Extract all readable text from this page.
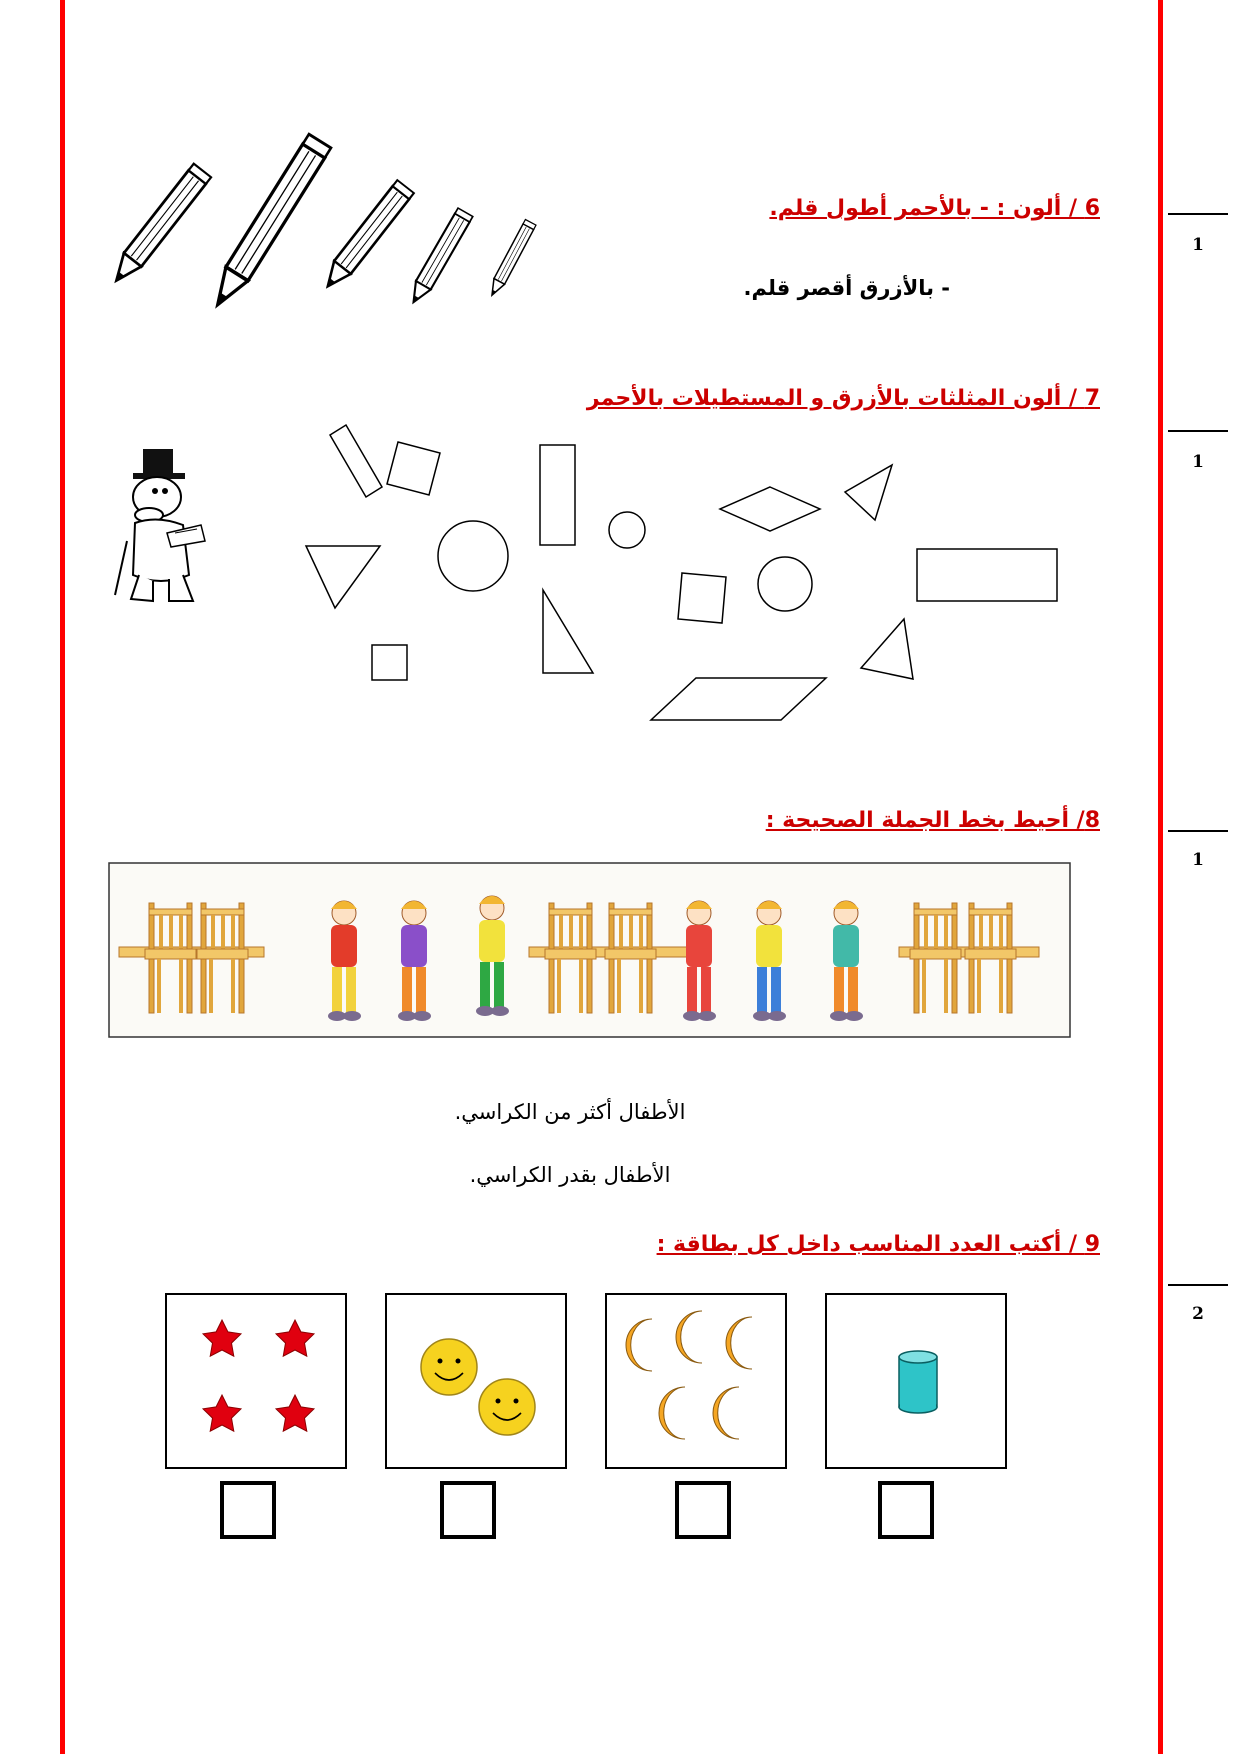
1
1
1
2
6 / ألون : - بالأحمر أطول قلم.
- بالأزرق أقصر قلم.
7 / ألون المثلثات بالأزرق و المستطيلات بالأحمر
8/ أحيط بخط الجملة الصحيحة :
الأطفال أكثر من الكراسي.
الأطفال بقدر الكراسي.
9 / أكتب العدد المناسب داخل كل بطاقة :
